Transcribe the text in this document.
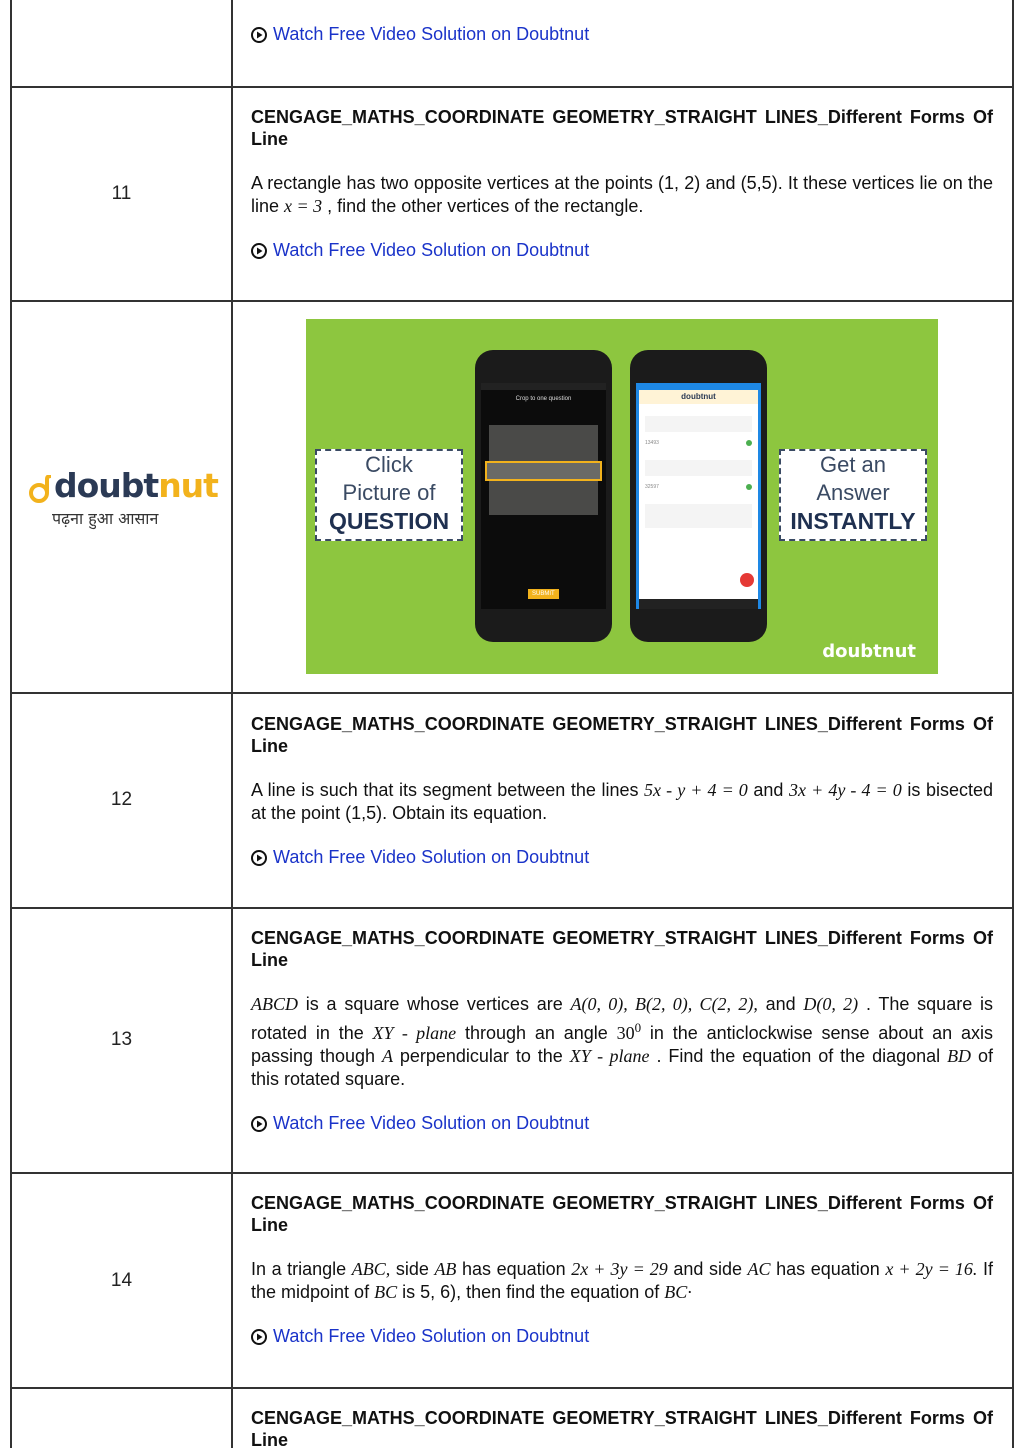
Watch Free Video Solution on Doubtnut
11
CENGAGE_MATHS_COORDINATE GEOMETRY_STRAIGHT LINES_Different Forms Of Line
A rectangle has two opposite vertices at the points (1, 2) and (5,5). It these vertices lie on the line x = 3 , find the other vertices of the rectangle.
Watch Free Video Solution on Doubtnut
doubt nut
पढ़ना हुआ आसान
Click
Picture of
QUESTION
Get an
Answer
INSTANTLY
Crop to one question
SUBMIT
doubtnut
13493
32597
doubtnut
12
CENGAGE_MATHS_COORDINATE GEOMETRY_STRAIGHT LINES_Different Forms Of Line
A line is such that its segment between the lines 5x - y + 4 = 0 and 3x + 4y - 4 = 0 is bisected at the point (1,5). Obtain its equation.
Watch Free Video Solution on Doubtnut
13
CENGAGE_MATHS_COORDINATE GEOMETRY_STRAIGHT LINES_Different Forms Of Line
ABCD is a square whose vertices are A(0, 0), B(2, 0), C(2, 2), and D(0, 2) . The square is rotated in the XY - plane through an angle $30^0$ in the anticlockwise sense about an axis passing though A perpendicular to the XY - plane . Find the equation of the diagonal BD of this rotated square.
Watch Free Video Solution on Doubtnut
14
CENGAGE_MATHS_COORDINATE GEOMETRY_STRAIGHT LINES_Different Forms Of Line
In a triangle ABC, side AB has equation 2x + 3y = 29 and side AC has equation x + 2y = 16. If the midpoint of BC is 5, 6), then find the equation of BC·
Watch Free Video Solution on Doubtnut
CENGAGE_MATHS_COORDINATE GEOMETRY_STRAIGHT LINES_Different Forms Of Line
